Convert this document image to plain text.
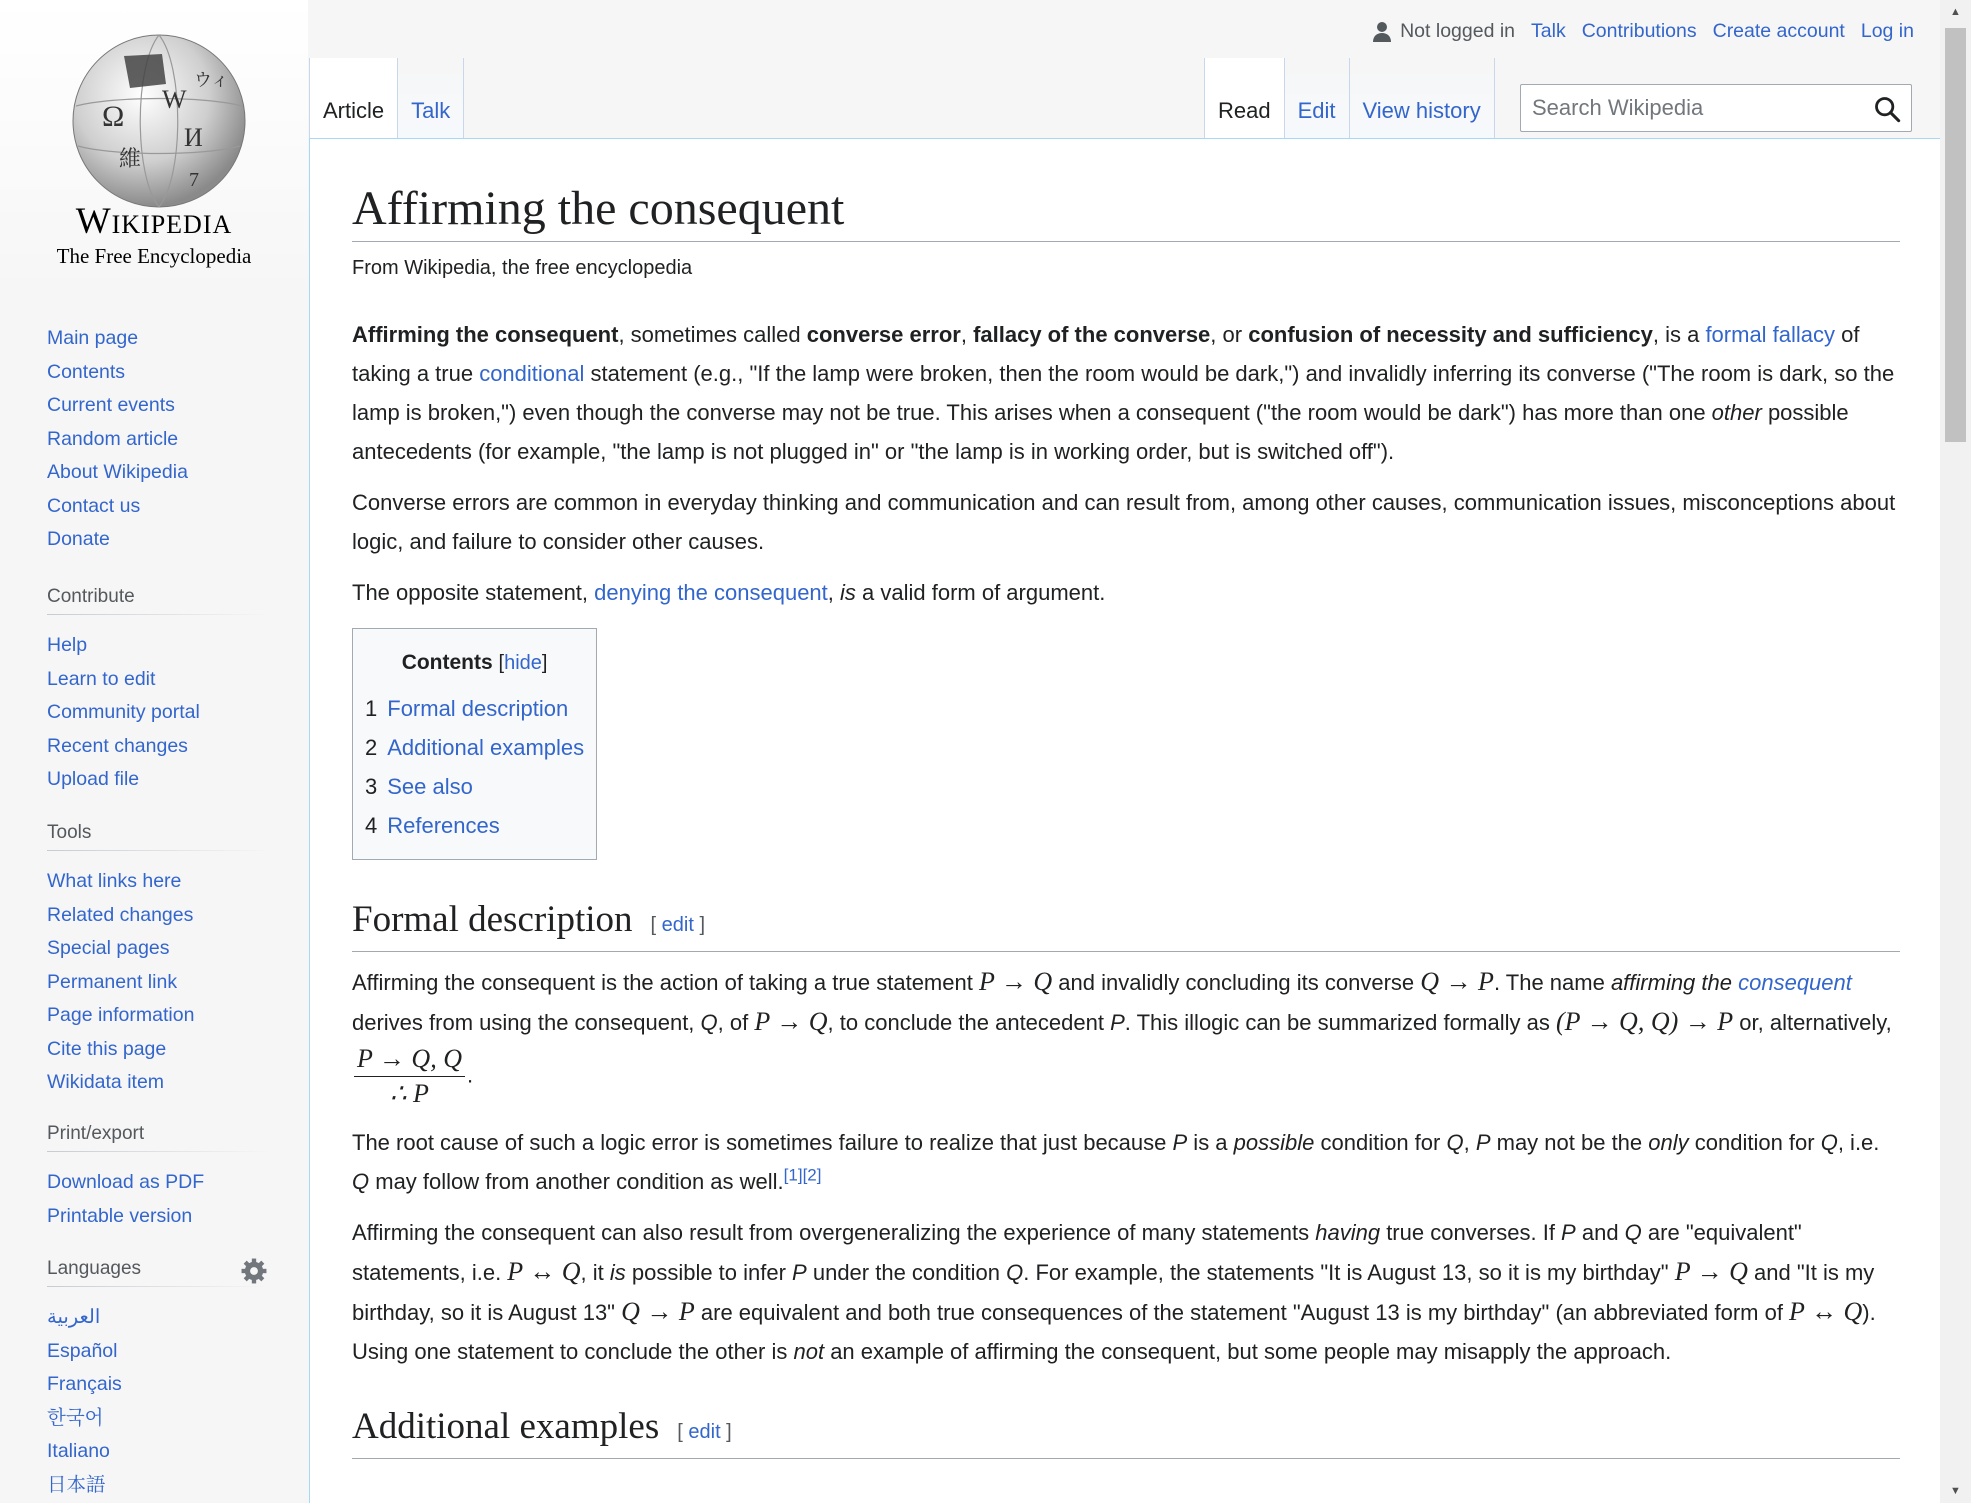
Ω
W
И
維
ウィ
7
Wikipedia
The Free Encyclopedia
Main page
Contents
Current events
Random article
About Wikipedia
Contact us
Donate
Contribute
Help
Learn to edit
Community portal
Recent changes
Upload file
Tools
What links here
Related changes
Special pages
Permanent link
Page information
Cite this page
Wikidata item
Print/export
Download as PDF
Printable version
Languages
العربية
Español
Français
한국어
Italiano
日本語
Not logged in Talk Contributions Create account Log in
Article	Talk	Read	Edit	View history
Search Wikipedia
Affirming the consequent
From Wikipedia, the free encyclopedia

Affirming the consequent, sometimes called converse error, fallacy of the converse, or confusion of necessity and sufficiency, is a formal fallacy of taking a true conditional statement (e.g., "If the lamp were broken, then the room would be dark,") and invalidly inferring its converse ("The room is dark, so the lamp is broken,") even though the converse may not be true. This arises when a consequent ("the room would be dark") has more than one other possible antecedents (for example, "the lamp is not plugged in" or "the lamp is in working order, but is switched off").

Converse errors are common in everyday thinking and communication and can result from, among other causes, communication issues, misconceptions about logic, and failure to consider other causes.

The opposite statement, denying the consequent, is a valid form of argument.

Contents [hide]
1 Formal description
2 Additional examples
3 See also
4 References
Formal description [ edit ]

Affirming the consequent is the action of taking a true statement P → Q and invalidly concluding its converse Q → P. The name affirming the consequent derives from using the consequent, Q, of P → Q, to conclude the antecedent P. This illogic can be summarized formally as (P → Q, Q) → P or, alternatively,
$\frac{P \to Q, Q}{\therefore P}$ .

The root cause of such a logic error is sometimes failure to realize that just because P is a possible condition for Q, P may not be the only condition for Q, i.e. Q may follow from another condition as well.[1][2]

Affirming the consequent can also result from overgeneralizing the experience of many statements having true converses. If P and Q are "equivalent" statements, i.e. P ↔ Q, it is possible to infer P under the condition Q. For example, the statements "It is August 13, so it is my birthday" P → Q and "It is my birthday, so it is August 13" Q → P are equivalent and both true consequences of the statement "August 13 is my birthday" (an abbreviated form of P ↔ Q). Using one statement to conclude the other is not an example of affirming the consequent, but some people may misapply the approach.

Additional examples [ edit ]
▲
▼
